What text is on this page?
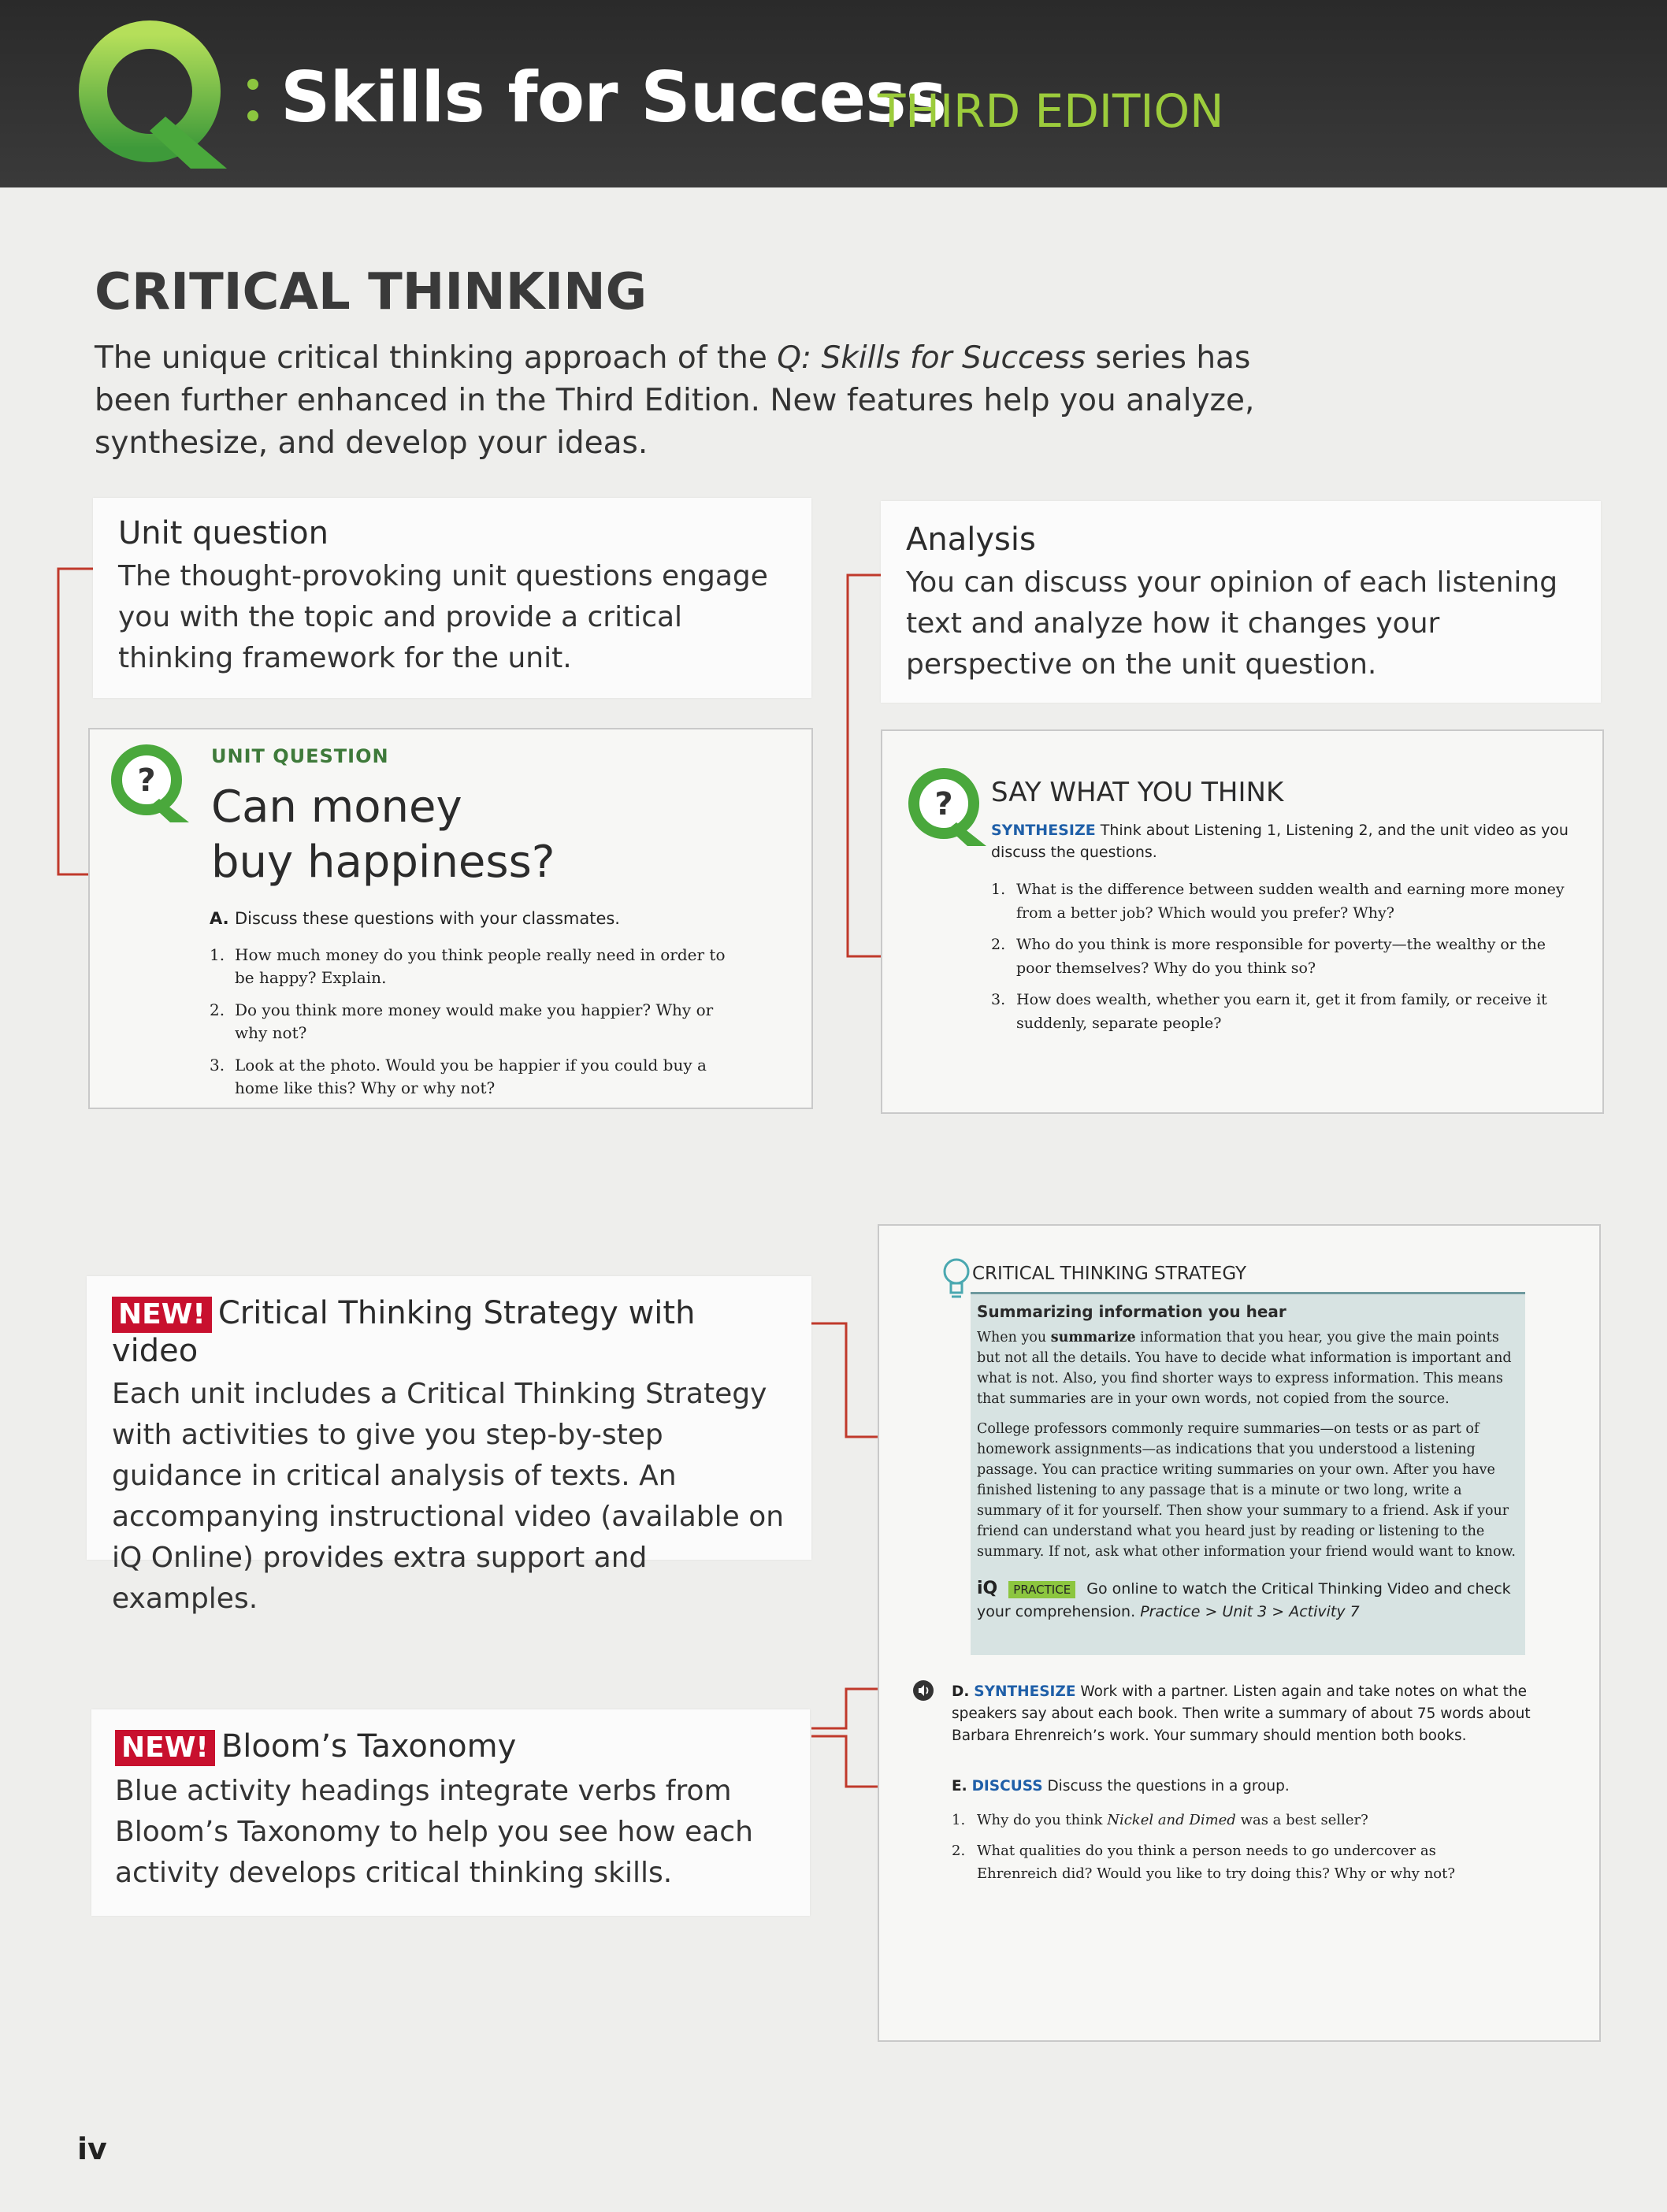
Skills for Success
THIRD EDITION
CRITICAL THINKING
The unique critical thinking approach of the Q: Skills for Success series has been further enhanced in the Third Edition. New features help you analyze, synthesize, and develop your ideas.
Unit question

The thought-provoking unit questions engage you with the topic and provide a critical thinking framework for the unit.

Analysis

You can discuss your opinion of each listening text and analyze how it changes your perspective on the unit question.

?
UNIT QUESTION
Can money
buy happiness?
A. Discuss these questions with your classmates.
1. How much money do you think people really need in order to be happy? Explain.
2. Do you think more money would make you happier? Why or why not?
3. Look at the photo. Would you be happier if you could buy a home like this? Why or why not?
? SAY WHAT YOU THINK
SYNTHESIZE Think about Listening 1, Listening 2, and the unit video as you discuss the questions.
1. What is the difference between sudden wealth and earning more money from a better job? Which would you prefer? Why?
2. Who do you think is more responsible for poverty—the wealthy or the poor themselves? Why do you think so?
3. How does wealth, whether you earn it, get it from family, or receive it suddenly, separate people?
NEW! Critical Thinking Strategy with video

Each unit includes a Critical Thinking Strategy with activities to give you step-by-step guidance in critical analysis of texts. An accompanying instructional video (available on iQ Online) provides extra support and examples.

NEW! Bloom’s Taxonomy

Blue activity headings integrate verbs from Bloom’s Taxonomy to help you see how each activity develops critical thinking skills.

CRITICAL THINKING STRATEGY
Summarizing information you hear
When you summarize information that you hear, you give the main points but not all the details. You have to decide what information is important and what is not. Also, you find shorter ways to express information. This means that summaries are in your own words, not copied from the source.
College professors commonly require summaries—on tests or as part of homework assignments—as indications that you understood a listening passage. You can practice writing summaries on your own. After you have finished listening to any passage that is a minute or two long, write a summary of it for yourself. Then show your summary to a friend. Ask if your friend can understand what you heard just by reading or listening to the summary. If not, ask what other information your friend would want to know.
iQ PRACTICE Go online to watch the Critical Thinking Video and check your comprehension. Practice > Unit 3 > Activity 7
D. SYNTHESIZE Work with a partner. Listen again and take notes on what the speakers say about each book. Then write a summary of about 75 words about Barbara Ehrenreich’s work. Your summary should mention both books.
E. DISCUSS Discuss the questions in a group.
1. Why do you think Nickel and Dimed was a best seller?
2. What qualities do you think a person needs to go undercover as Ehrenreich did? Would you like to try doing this? Why or why not?
iv
